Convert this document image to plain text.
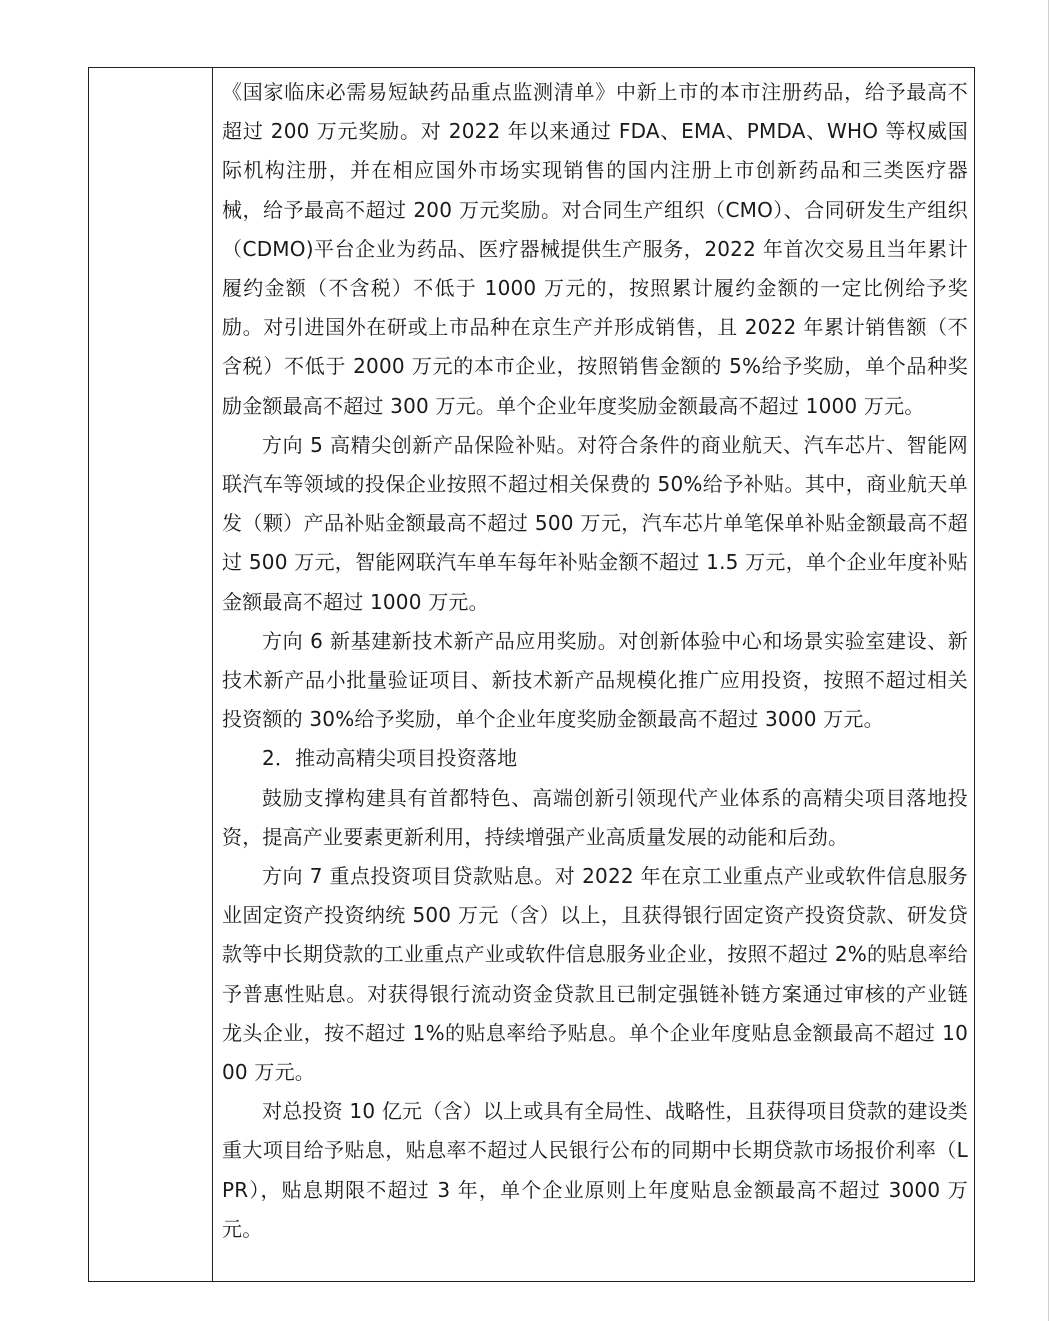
《国家临床必需易短缺药品重点监测清单》中新上市的本市注册药品，给予最高不超过 200 万元奖励。对 2022 年以来通过 FDA、EMA、PMDA、WHO 等权威国际机构注册，并在相应国外市场实现销售的国内注册上市创新药品和三类医疗器械，给予最高不超过 200 万元奖励。对合同生产组织（CMO）、合同研发生产组织（CDMO)平台企业为药品、医疗器械提供生产服务，2022 年首次交易且当年累计履约金额（不含税）不低于 1000 万元的，按照累计履约金额的一定比例给予奖励。对引进国外在研或上市品种在京生产并形成销售，且 2022 年累计销售额（不含税）不低于 2000 万元的本市企业，按照销售金额的 5%给予奖励，单个品种奖励金额最高不超过 300 万元。单个企业年度奖励金额最高不超过 1000 万元。

方向 5 高精尖创新产品保险补贴。对符合条件的商业航天、汽车芯片、智能网联汽车等领域的投保企业按照不超过相关保费的 50%给予补贴。其中，商业航天单发（颗）产品补贴金额最高不超过 500 万元，汽车芯片单笔保单补贴金额最高不超过 500 万元，智能网联汽车单车每年补贴金额不超过 1.5 万元，单个企业年度补贴金额最高不超过 1000 万元。

方向 6 新基建新技术新产品应用奖励。对创新体验中心和场景实验室建设、新技术新产品小批量验证项目、新技术新产品规模化推广应用投资，按照不超过相关投资额的 30%给予奖励，单个企业年度奖励金额最高不超过 3000 万元。

2．推动高精尖项目投资落地

鼓励支撑构建具有首都特色、高端创新引领现代产业体系的高精尖项目落地投资，提高产业要素更新利用，持续增强产业高质量发展的动能和后劲。

方向 7 重点投资项目贷款贴息。对 2022 年在京工业重点产业或软件信息服务业固定资产投资纳统 500 万元（含）以上，且获得银行固定资产投资贷款、研发贷款等中长期贷款的工业重点产业或软件信息服务业企业，按照不超过 2%的贴息率给予普惠性贴息。对获得银行流动资金贷款且已制定强链补链方案通过审核的产业链龙头企业，按不超过 1%的贴息率给予贴息。单个企业年度贴息金额最高不超过 1000 万元。

对总投资 10 亿元（含）以上或具有全局性、战略性，且获得项目贷款的建设类重大项目给予贴息，贴息率不超过人民银行公布的同期中长期贷款市场报价利率（LPR），贴息期限不超过 3 年，单个企业原则上年度贴息金额最高不超过 3000 万元。
